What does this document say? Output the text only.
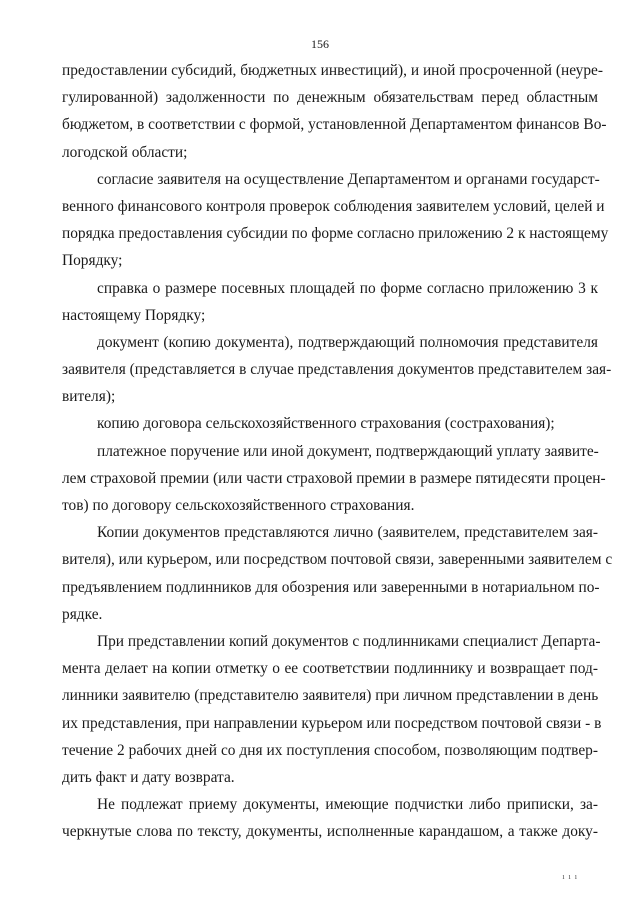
156
предоставлении субсидий, бюджетных инвестиций), и иной просроченной (неуре-
гулированной) задолженности по денежным обязательствам перед областным
бюджетом, в соответствии с формой, установленной Департаментом финансов Во-
логодской области;
согласие заявителя на осуществление Департаментом и органами государст-
венного финансового контроля проверок соблюдения заявителем условий, целей и
порядка предоставления субсидии по форме согласно приложению 2 к настоящему
Порядку;
справка о размере посевных площадей по форме согласно приложению 3 к
настоящему Порядку;
документ (копию документа), подтверждающий полномочия представителя
заявителя (представляется в случае представления документов представителем зая-
вителя);
копию договора сельскохозяйственного страхования (сострахования);
платежное поручение или иной документ, подтверждающий уплату заявите-
лем страховой премии (или части страховой премии в размере пятидесяти процен-
тов) по договору сельскохозяйственного страхования.
Копии документов представляются лично (заявителем, представителем зая-
вителя), или курьером, или посредством почтовой связи, заверенными заявителем с
предъявлением подлинников для обозрения или заверенными в нотариальном по-
рядке.
При представлении копий документов с подлинниками специалист Департа-
мента делает на копии отметку о ее соответствии подлиннику и возвращает под-
линники заявителю (представителю заявителя) при личном представлении в день
их представления, при направлении курьером или посредством почтовой связи - в
течение 2 рабочих дней со дня их поступления способом, позволяющим подтвер-
дить факт и дату возврата.
Не подлежат приему документы, имеющие подчистки либо приписки, за-
черкнутые слова по тексту, документы, исполненные карандашом, а также доку-
ı ı ı
